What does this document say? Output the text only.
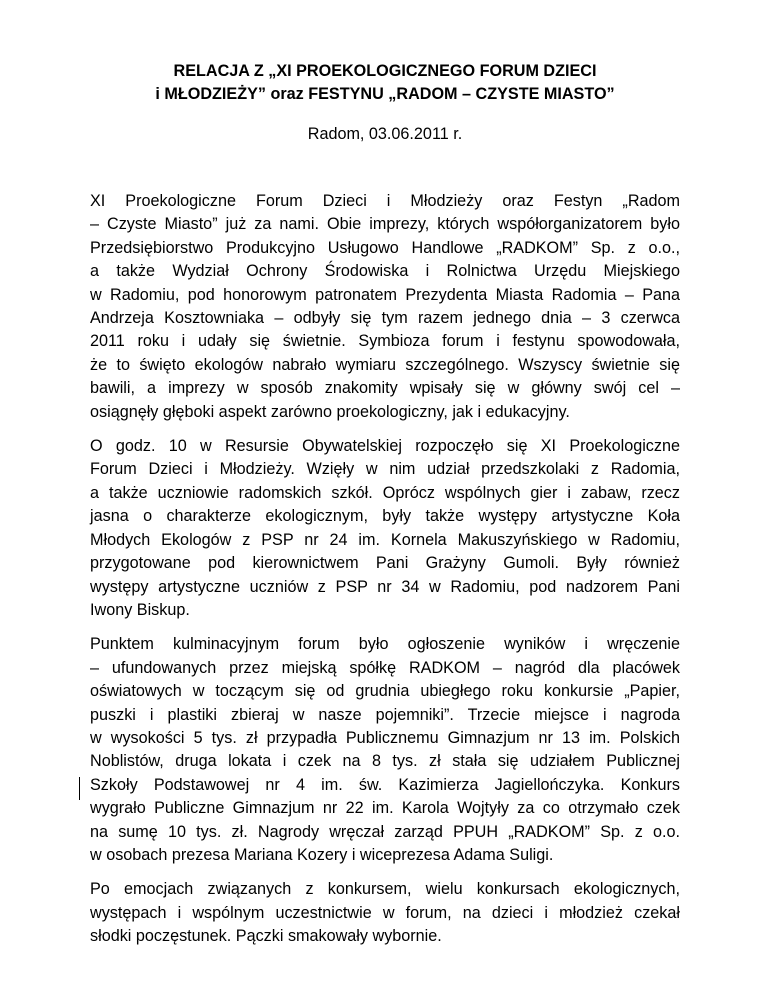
RELACJA Z „XI PROEKOLOGICZNEGO FORUM DZIECI
i MŁODZIEŻY” oraz FESTYNU „RADOM – CZYSTE MIASTO”

Radom, 03.06.2011 r.

XI Proekologiczne Forum Dzieci i Młodzieży oraz Festyn „Radom
– Czyste Miasto” już za nami. Obie imprezy, których współorganizatorem było
Przedsiębiorstwo Produkcyjno Usługowo Handlowe „RADKOM” Sp. z o.o.,
a także Wydział Ochrony Środowiska i Rolnictwa Urzędu Miejskiego
w Radomiu, pod honorowym patronatem Prezydenta Miasta Radomia – Pana
Andrzeja Kosztowniaka – odbyły się tym razem jednego dnia – 3 czerwca
2011 roku i udały się świetnie. Symbioza forum i festynu spowodowała,
że to święto ekologów nabrało wymiaru szczególnego. Wszyscy świetnie się
bawili, a imprezy w sposób znakomity wpisały się w główny swój cel –
osiągnęły głęboki aspekt zarówno proekologiczny, jak i edukacyjny.

O godz. 10 w Resursie Obywatelskiej rozpoczęło się XI Proekologiczne
Forum Dzieci i Młodzieży. Wzięły w nim udział przedszkolaki z Radomia,
a także uczniowie radomskich szkół. Oprócz wspólnych gier i zabaw, rzecz
jasna o charakterze ekologicznym, były także występy artystyczne Koła
Młodych Ekologów z PSP nr 24 im. Kornela Makuszyńskiego w Radomiu,
przygotowane pod kierownictwem Pani Grażyny Gumoli. Były również
występy artystyczne uczniów z PSP nr 34 w Radomiu, pod nadzorem Pani
Iwony Biskup.

Punktem kulminacyjnym forum było ogłoszenie wyników i wręczenie
– ufundowanych przez miejską spółkę RADKOM – nagród dla placówek
oświatowych w toczącym się od grudnia ubiegłego roku konkursie „Papier,
puszki i plastiki zbieraj w nasze pojemniki”. Trzecie miejsce i nagroda
w wysokości 5 tys. zł przypadła Publicznemu Gimnazjum nr 13 im. Polskich
Noblistów, druga lokata i czek na 8 tys. zł stała się udziałem Publicznej
Szkoły Podstawowej nr 4 im. św. Kazimierza Jagiellończyka. Konkurs
wygrało Publiczne Gimnazjum nr 22 im. Karola Wojtyły za co otrzymało czek
na sumę 10 tys. zł. Nagrody wręczał zarząd PPUH „RADKOM” Sp. z o.o.
w osobach prezesa Mariana Kozery i wiceprezesa Adama Suligi.

Po emocjach związanych z konkursem, wielu konkursach ekologicznych,
występach i wspólnym uczestnictwie w forum, na dzieci i młodzież czekał
słodki poczęstunek. Pączki smakowały wybornie.
